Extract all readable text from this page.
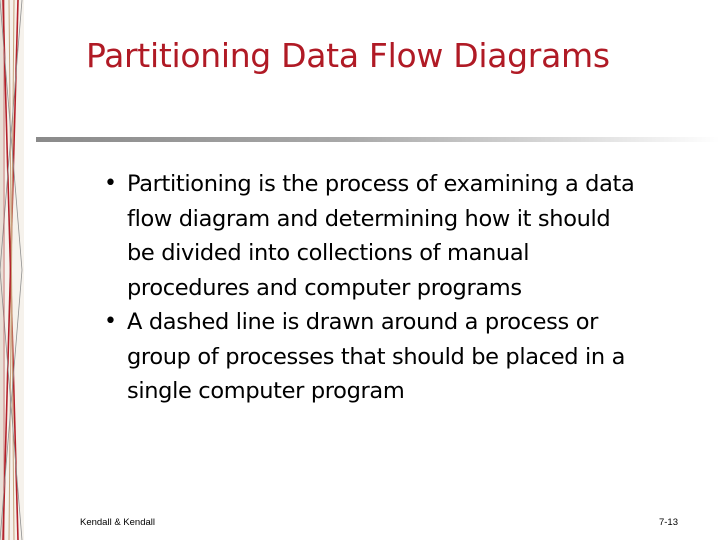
Partitioning Data Flow Diagrams
• Partitioning is the process of examining a data
flow diagram and determining how it should
be divided into collections of manual
procedures and computer programs
• A dashed line is drawn around a process or
group of processes that should be placed in a
single computer program
Kendall & Kendall	7-13
